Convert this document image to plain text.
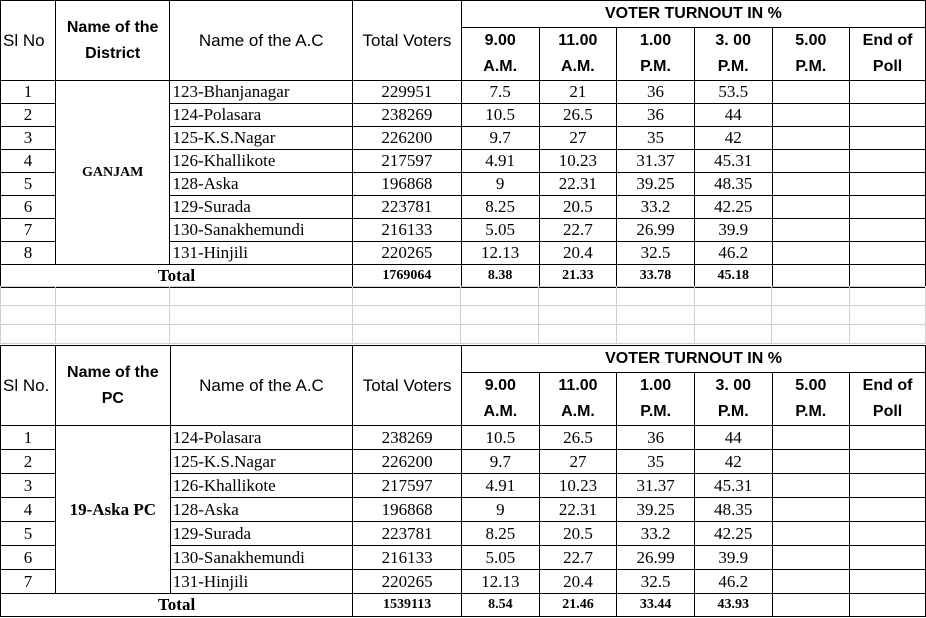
Sl No	Name of the District	Name of the A.C	Total Voters	VOTER TURNOUT IN %					
				9.00	11.00	1.00	3. 00	5.00	End of
				A.M.	A.M.	P.M.	P.M.	P.M.	Poll
1	GANJAM	123-Bhanjanagar	229951	7.5	21	36	53.5		
2		124-Polasara	238269	10.5	26.5	36	44		
3		125-K.S.Nagar	226200	9.7	27	35	42		
4		126-Khallikote	217597	4.91	10.23	31.37	45.31		
5		128-Aska	196868	9	22.31	39.25	48.35		
6		129-Surada	223781	8.25	20.5	33.2	42.25		
7		130-Sanakhemundi	216133	5.05	22.7	26.99	39.9		
8		131-Hinjili	220265	12.13	20.4	32.5	46.2		
Total			1769064	8.38	21.33	33.78	45.18		

Sl No.	Name of the PC	Name of the A.C	Total Voters	VOTER TURNOUT IN %					
				9.00	11.00	1.00	3. 00	5.00	End of
				A.M.	A.M.	P.M.	P.M.	P.M.	Poll
1	19-Aska PC	124-Polasara	238269	10.5	26.5	36	44		
2		125-K.S.Nagar	226200	9.7	27	35	42		
3		126-Khallikote	217597	4.91	10.23	31.37	45.31		
4		128-Aska	196868	9	22.31	39.25	48.35		
5		129-Surada	223781	8.25	20.5	33.2	42.25		
6		130-Sanakhemundi	216133	5.05	22.7	26.99	39.9		
7		131-Hinjili	220265	12.13	20.4	32.5	46.2		
Total			1539113	8.54	21.46	33.44	43.93		
